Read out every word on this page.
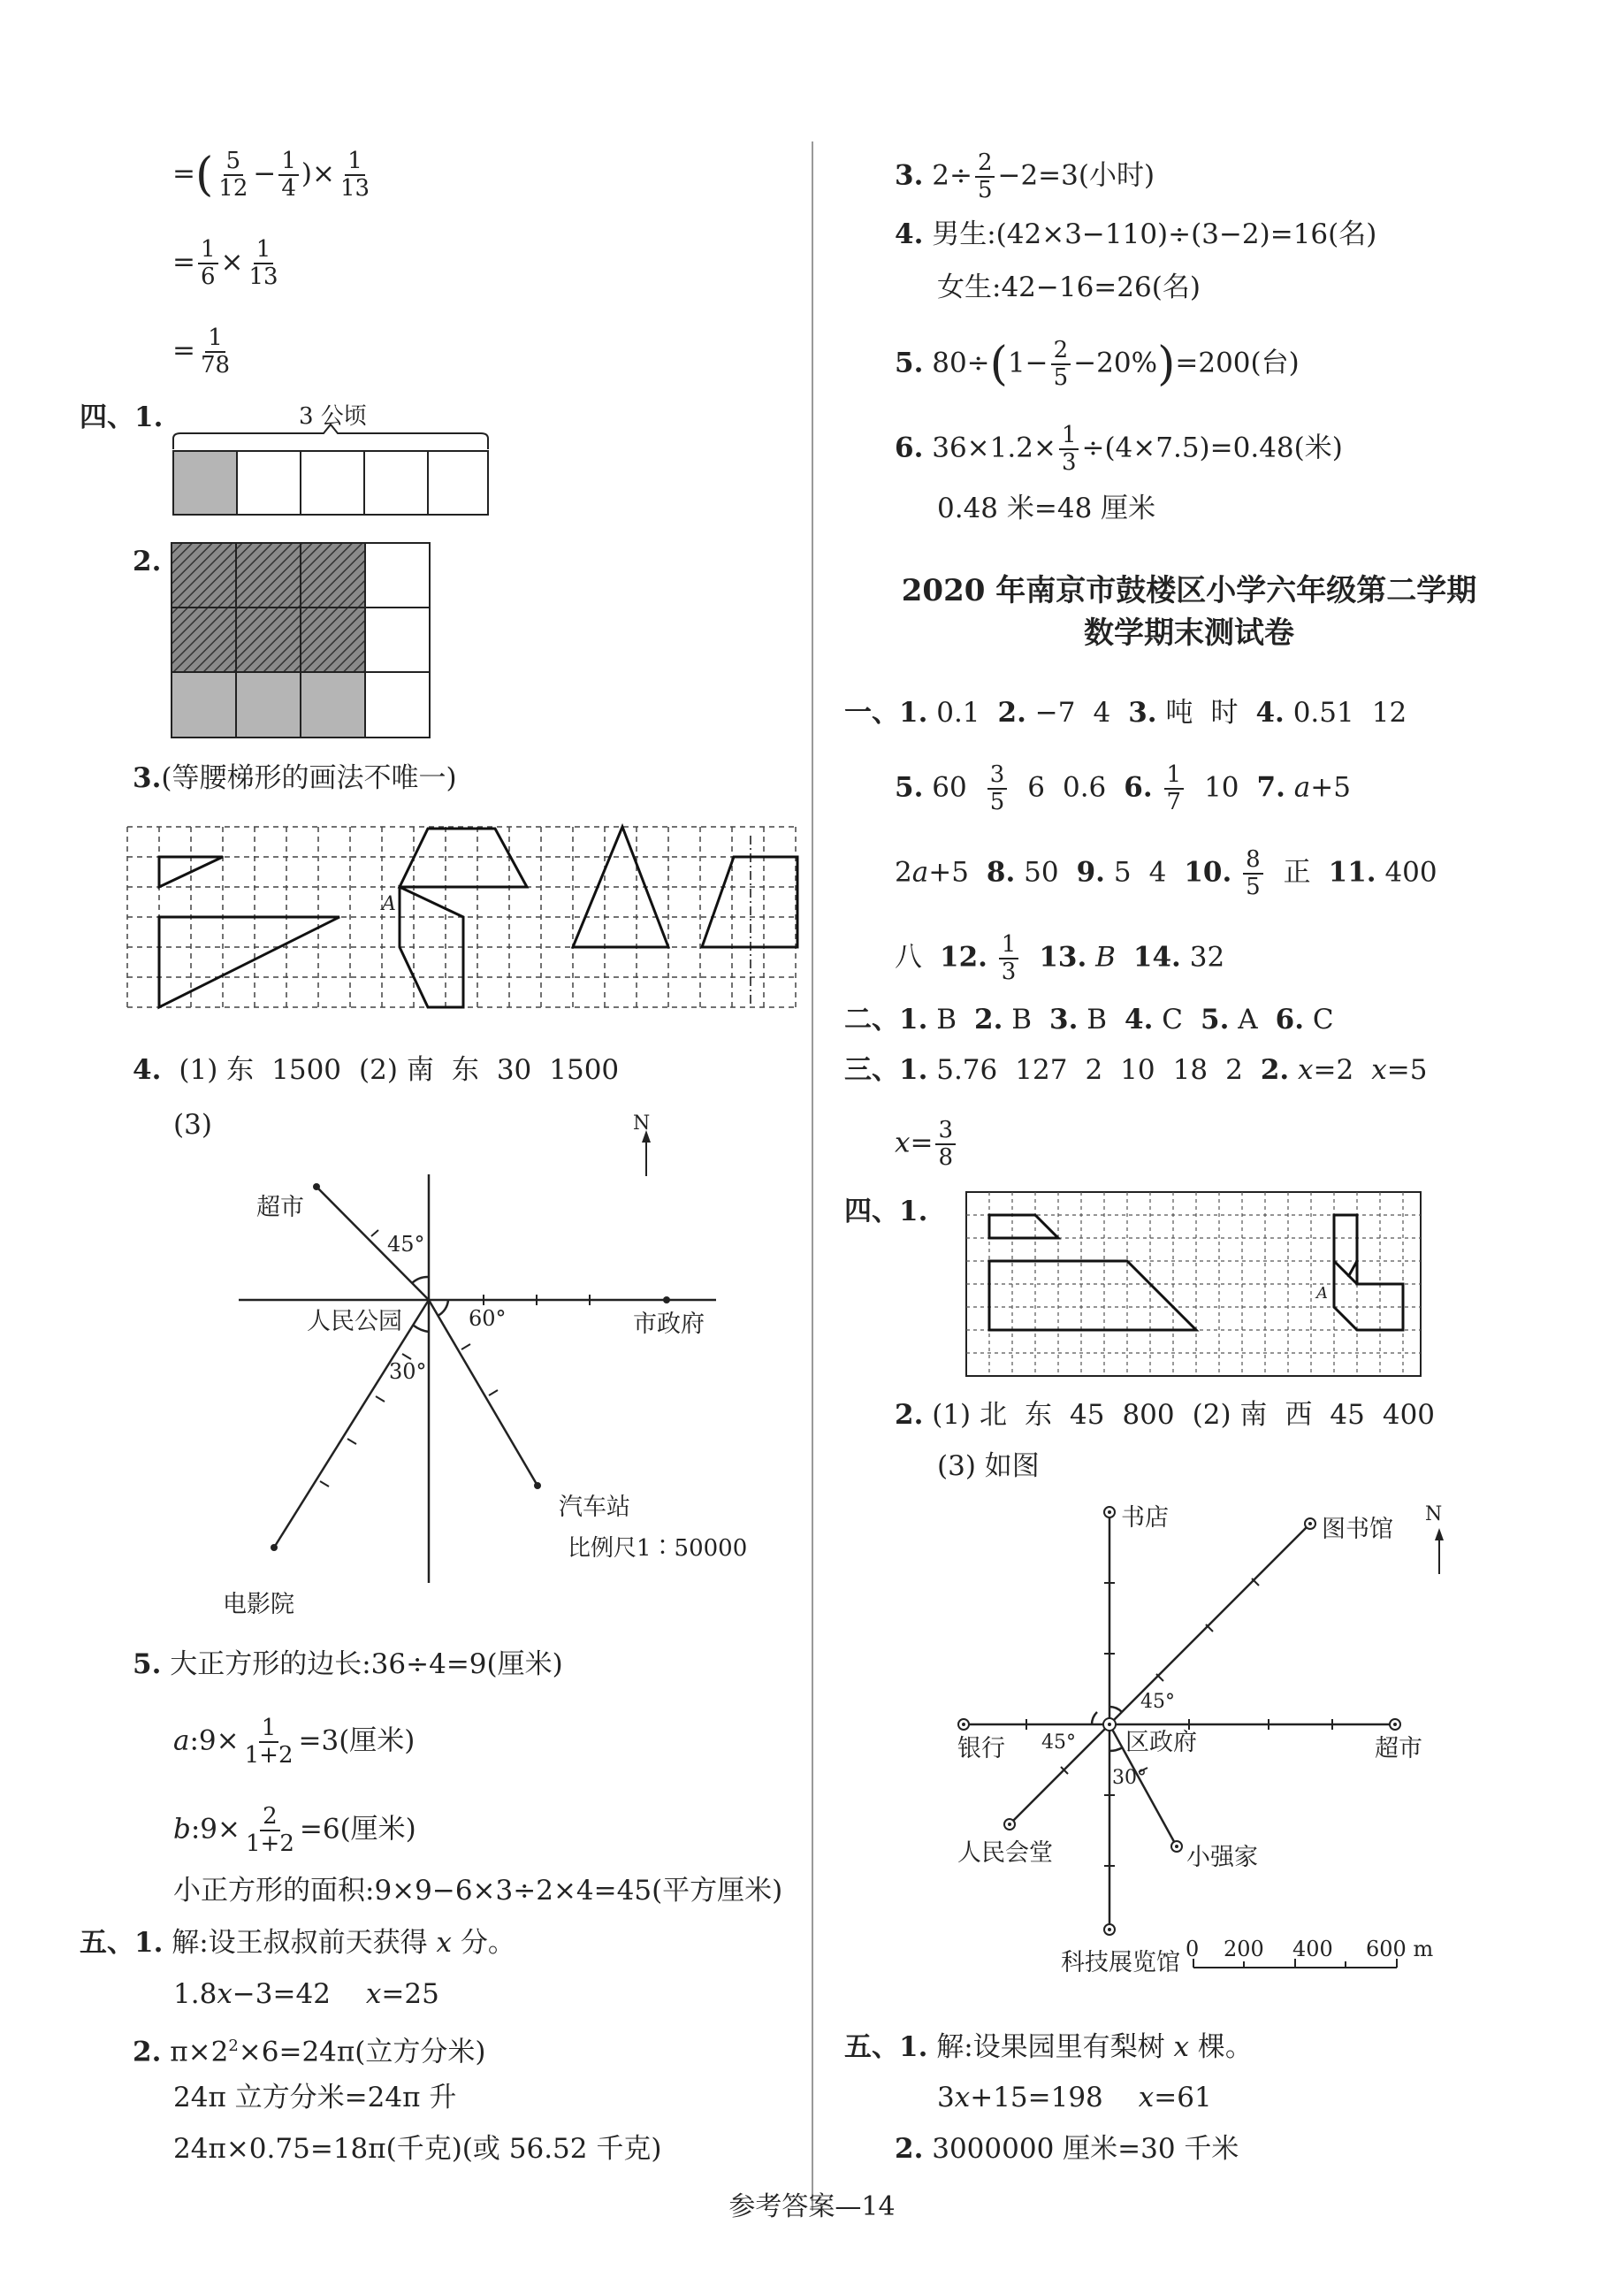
=( $\frac{5}{12} - \frac{1}{4}$ )× $\frac{1}{13}$
= $\frac{1}{6} \times \frac{1}{13}$
= $\frac{1}{78}$
四、1.	3 公顷
2.
3.(等腰梯形的画法不唯一)
A
4. (1) 东 1500 (2) 南 东 30 1500
(3)	N
超市
45°
人民公园	60°	市政府
30°
汽车站
比例尺1∶50000
电影院
5. 大正方形的边长:36÷4=9(厘米)
a:9× $\frac{1}{1+2} =3$(厘米)
b:9× $\frac{2}{1+2} =6$(厘米)
小正方形的面积:9×9−6×3÷2×4=45(平方厘米)
五、1. 解:设王叔叔前天获得 x 分。
1.8x−3=42 x=25
2. $\pi\times 2^2\times 6=24\pi$(立方分米)
24π 立方分米=24π 升
24π×0.75=18π(千克)(或 56.52 千克)
3. $2\div \frac{2}{5} -2=3$(小时)
4. 男生:(42×3−110)÷(3−2)=16(名)
女生:42−16=26(名)
5. $80\div(1- \frac{2}{5} -20\%)=200$(台)
6. $36\times 1.2\times \frac{1}{3} \div(4\times 7.5)=0.48$(米)
0.48 米=48 厘米
2020 年南京市鼓楼区小学六年级第二学期
数学期末测试卷
一、1. 0.1 2. −7 4 3. 吨 时 4. 0.51 12
5. $60 \frac{3}{5} 6$ 0.6 6. $\frac{1}{7} 10$ 7. a+5
2a+5 8. 50 9. 5 4 10. $\frac{8}{5}$ 正 11. 400
八 12. $\frac{1}{3} 13$. B 14. 32
二、1. B 2. B 3. B 4. C 5. A 6. C
三、1. 5.76 127 2 10 18 2 2. x=2 x=5
$x= \frac{3}{8}$
四、1.
A
2. (1) 北 东 45 800 (2) 南 西 45 400
(3) 如图
N
书店	图书馆
45°
银行 45° 区政府	超市
30°
人民会堂	小强家
科技展览馆 0 200 400 600 m
五、1. 解:设果园里有梨树 x 棵。
3x+15=198 x=61
2. 3000000 厘米=30 千米
参考答案—14
